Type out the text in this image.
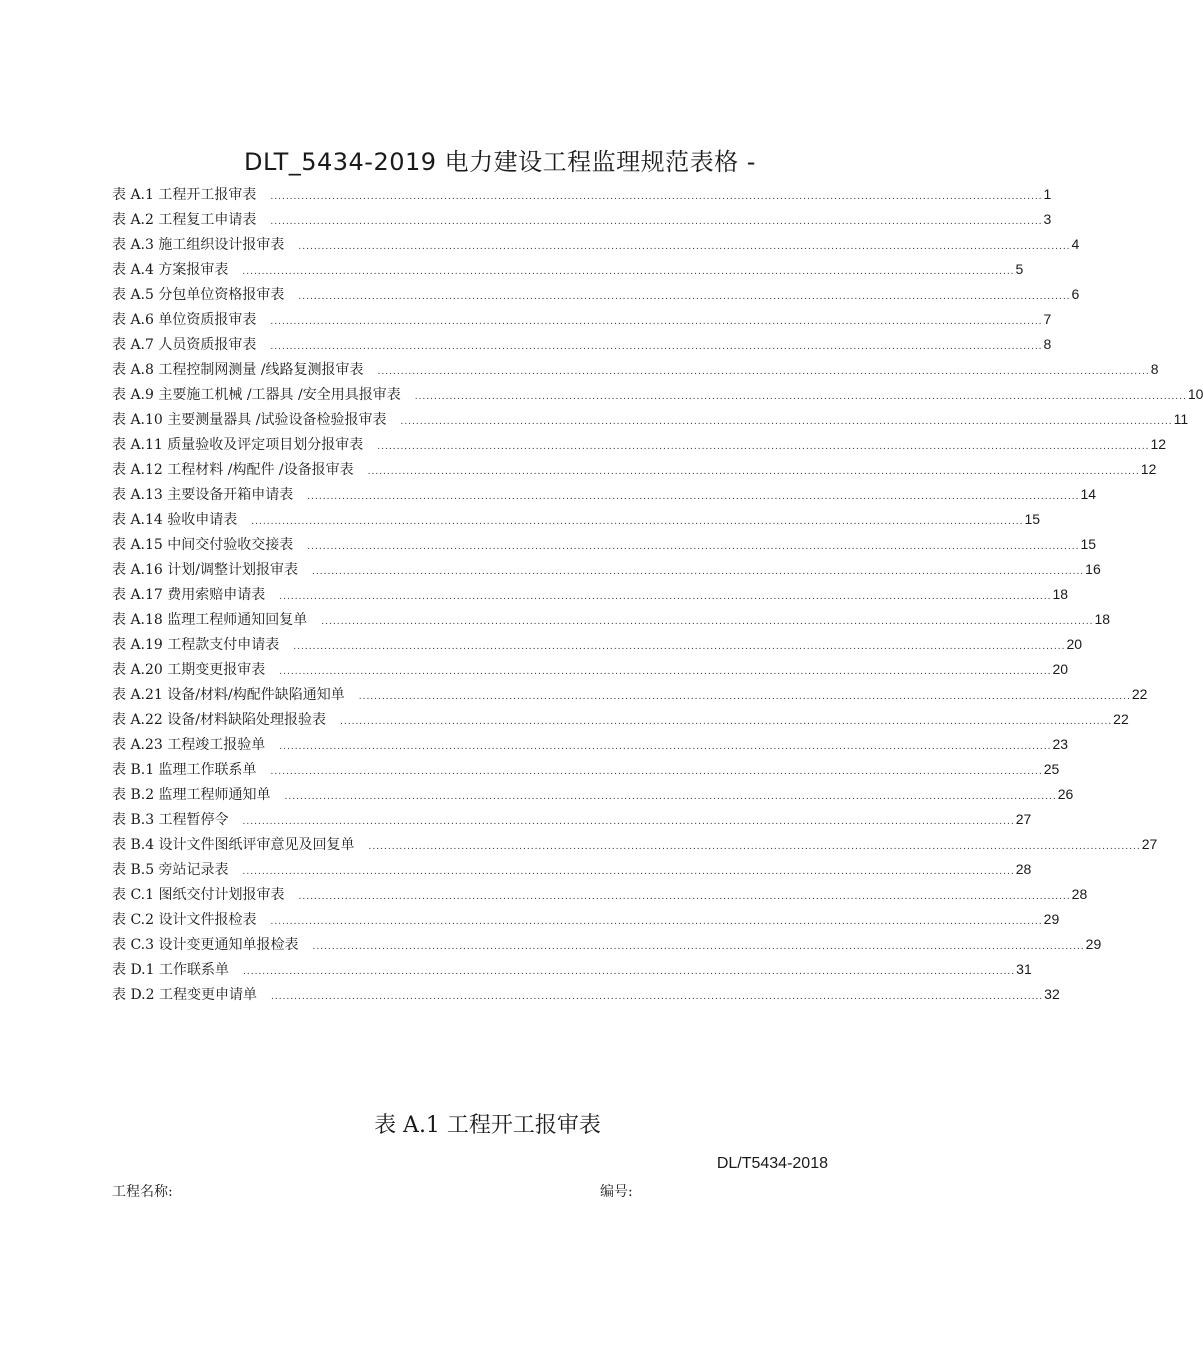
DLT_5434-2019 电力建设工程监理规范表格 -
表 A.1 工程开工报审表	........................................................................................................................................................................................................ 1
表 A.2 工程复工申请表	........................................................................................................................................................................................................ 3
表 A.3 施工组织设计报审表	........................................................................................................................................................................................................ 4
表 A.4 方案报审表	........................................................................................................................................................................................................ 5
表 A.5 分包单位资格报审表	........................................................................................................................................................................................................ 6
表 A.6 单位资质报审表	........................................................................................................................................................................................................ 7
表 A.7 人员资质报审表	........................................................................................................................................................................................................ 8
表 A.8 工程控制网测量 /线路复测报审表	........................................................................................................................................................................................................ 8
表 A.9 主要施工机械 /工器具 /安全用具报审表	........................................................................................................................................................................................................ 10
表 A.10 主要测量器具 /试验设备检验报审表	........................................................................................................................................................................................................ 11
表 A.11 质量验收及评定项目划分报审表	........................................................................................................................................................................................................ 12
表 A.12 工程材料 /构配件 /设备报审表	........................................................................................................................................................................................................ 12
表 A.13 主要设备开箱申请表	........................................................................................................................................................................................................ 14
表 A.14 验收申请表	........................................................................................................................................................................................................ 15
表 A.15 中间交付验收交接表	........................................................................................................................................................................................................ 15
表 A.16 计划/调整计划报审表	........................................................................................................................................................................................................ 16
表 A.17 费用索赔申请表	........................................................................................................................................................................................................ 18
表 A.18 监理工程师通知回复单	........................................................................................................................................................................................................ 18
表 A.19 工程款支付申请表	........................................................................................................................................................................................................ 20
表 A.20 工期变更报审表	........................................................................................................................................................................................................ 20
表 A.21 设备/材料/构配件缺陷通知单	........................................................................................................................................................................................................ 22
表 A.22 设备/材料缺陷处理报验表	........................................................................................................................................................................................................ 22
表 A.23 工程竣工报验单	........................................................................................................................................................................................................ 23
表 B.1 监理工作联系单	........................................................................................................................................................................................................ 25
表 B.2 监理工程师通知单	........................................................................................................................................................................................................ 26
表 B.3 工程暂停令	........................................................................................................................................................................................................ 27
表 B.4 设计文件图纸评审意见及回复单	........................................................................................................................................................................................................ 27
表 B.5 旁站记录表	........................................................................................................................................................................................................ 28
表 C.1 图纸交付计划报审表	........................................................................................................................................................................................................ 28
表 C.2 设计文件报检表	........................................................................................................................................................................................................ 29
表 C.3 设计变更通知单报检表	........................................................................................................................................................................................................ 29
表 D.1 工作联系单	........................................................................................................................................................................................................ 31
表 D.2 工程变更申请单	........................................................................................................................................................................................................ 32
表 A.1 工程开工报审表
DL/T5434-2018
工程名称:	编号:
